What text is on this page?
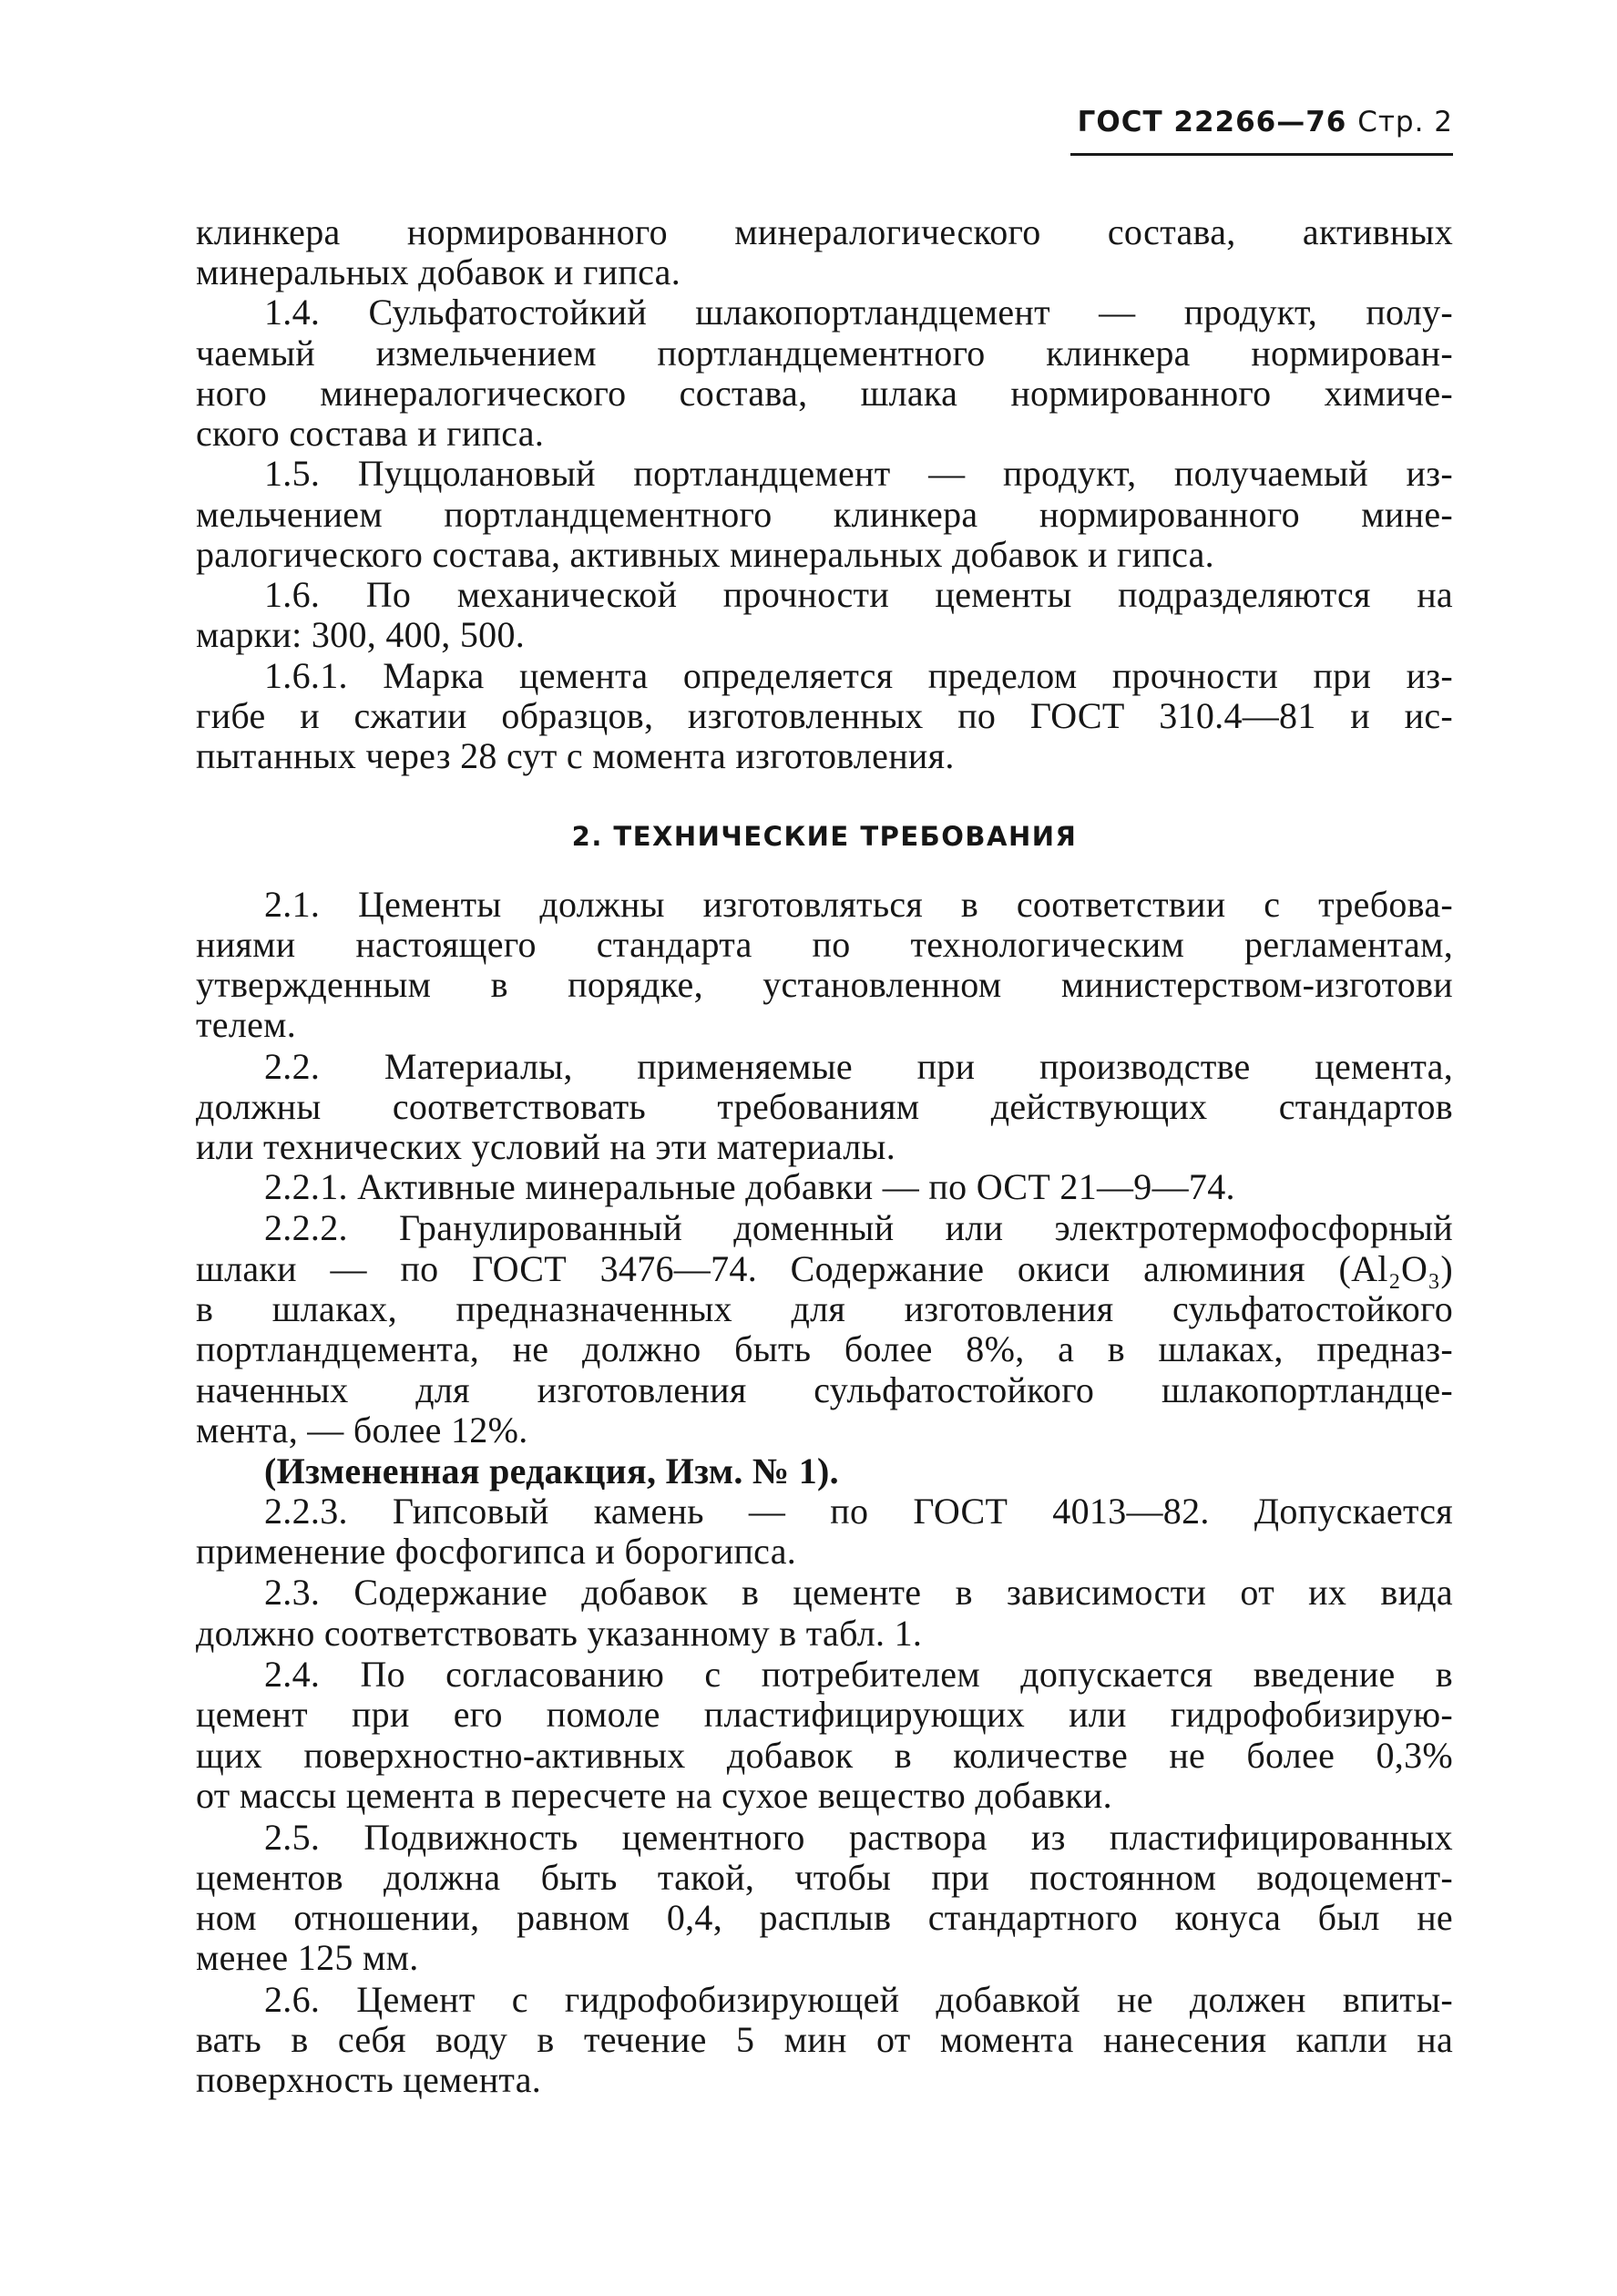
ГОСТ 22266—76 Стр. 2
клинкера нормированного минералогического состава, активных
минеральных добавок и гипса.
1.4. Сульфатостойкий шлакопортландцемент — продукт, полу-
чаемый измельчением портландцементного клинкера нормирован-
ного минералогического состава, шлака нормированного химиче-
ского состава и гипса.
1.5. Пуццолановый портландцемент — продукт, получаемый из-
мельчением портландцементного клинкера нормированного мине-
ралогического состава, активных минеральных добавок и гипса.
1.6. По механической прочности цементы подразделяются на
марки: 300, 400, 500.
1.6.1. Марка цемента определяется пределом прочности при из-
гибе и сжатии образцов, изготовленных по ГОСТ 310.4—81 и ис-
пытанных через 28 сут с момента изготовления.
2. ТЕХНИЧЕСКИЕ ТРЕБОВАНИЯ
2.1. Цементы должны изготовляться в соответствии с требова-
ниями настоящего стандарта по технологическим регламентам,
утвержденным в порядке, установленном министерством-изготови
телем.
2.2. Материалы, применяемые при производстве цемента,
должны соответствовать требованиям действующих стандартов
или технических условий на эти материалы.
2.2.1. Активные минеральные добавки — по ОСТ 21—9—74.
2.2.2. Гранулированный доменный или электротермофосфорный
шлаки — по ГОСТ 3476—74. Содержание окиси алюминия (Al₂O₃)
в шлаках, предназначенных для изготовления сульфатостойкого
портландцемента, не должно быть более 8%, а в шлаках, предназ-
наченных для изготовления сульфатостойкого шлакопортландце-
мента, — более 12%.
(Измененная редакция, Изм. № 1).
2.2.3. Гипсовый камень — по ГОСТ 4013—82. Допускается
применение фосфогипса и борогипса.
2.3. Содержание добавок в цементе в зависимости от их вида
должно соответствовать указанному в табл. 1.
2.4. По согласованию с потребителем допускается введение в
цемент при его помоле пластифицирующих или гидрофобизирую-
щих поверхностно-активных добавок в количестве не более 0,3%
от массы цемента в пересчете на сухое вещество добавки.
2.5. Подвижность цементного раствора из пластифицированных
цементов должна быть такой, чтобы при постоянном водоцемент-
ном отношении, равном 0,4, расплыв стандартного конуса был не
менее 125 мм.
2.6. Цемент с гидрофобизирующей добавкой не должен впиты-
вать в себя воду в течение 5 мин от момента нанесения капли на
поверхность цемента.
